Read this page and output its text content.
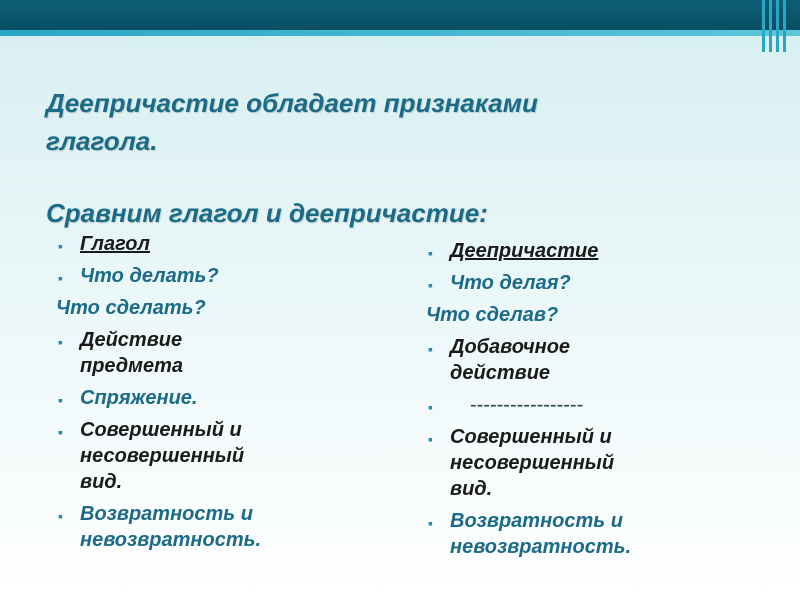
Деепричастие обладает признаками
глагола.
Сравним глагол и деепричастие:
▪ Глагол
▪ Что делать?
Что сделать?
▪ Действие
предмета
▪ Спряжение.
▪ Совершенный и
несовершенный
вид.
▪ Возвратность и
невозвратность.
▪ Деепричастие
▪ Что делая?
Что сделав?
▪ Добавочное
действие
▪ -----------------
▪ Совершенный и
несовершенный
вид.
▪ Возвратность и
невозвратность.
